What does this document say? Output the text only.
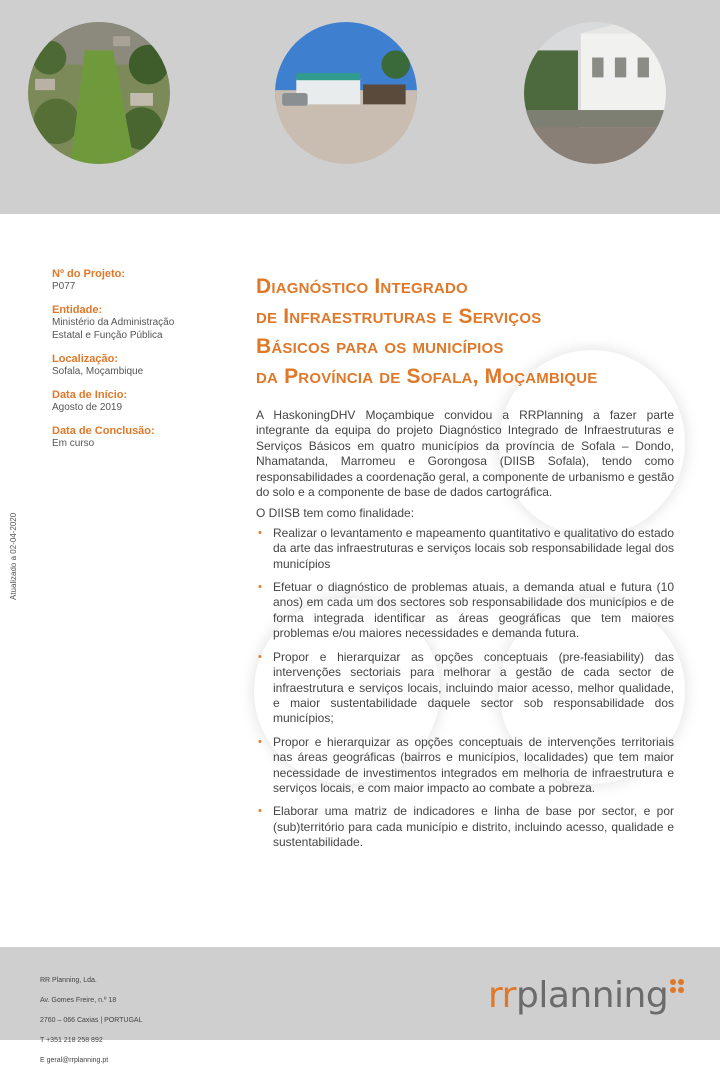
Nº do Projeto:
P077
Entidade:
Ministério da Administração
Estatal e Função Pública
Localização:
Sofala, Moçambique
Data de Início:
Agosto de 2019
Data de Conclusão:
Em curso
Atualizado a 02-04-2020
Diagnóstico Integrado
de Infraestruturas e Serviços
Básicos para os municípios
da Província de Sofala, Moçambique

A HaskoningDHV Moçambique convidou a RRPlanning a fazer parte integrante da equipa do projeto Diagnóstico Integrado de Infraestruturas e Serviços Básicos em quatro municípios da província de Sofala – Dondo, Nhamatanda, Marromeu e Gorongosa (DIISB Sofala), tendo como responsabilidades a coordenação geral, a componente de urbanismo e gestão do solo e a componente de base de dados cartográfica.

O DIISB tem como finalidade:

• Realizar o levantamento e mapeamento quantitativo e qualitativo do estado da arte das infraestruturas e serviços locais sob responsabilidade legal dos municípios
• Efetuar o diagnóstico de problemas atuais, a demanda atual e futura (10 anos) em cada um dos sectores sob responsabilidade dos municípios e de forma integrada identificar as áreas geográficas que tem maiores problemas e/ou maiores necessidades e demanda futura.
• Propor e hierarquizar as opções conceptuais (pre-feasiability) das intervenções sectoriais para melhorar a gestão de cada sector de infraestrutura e serviços locais, incluindo maior acesso, melhor qualidade, e maior sustentabilidade daquele sector sob responsabilidade dos municípios;
• Propor e hierarquizar as opções conceptuais de intervenções territoriais nas áreas geográficas (bairros e municípios, localidades) que tem maior necessidade de investimentos integrados em melhoria de infraestrutura e serviços locais, e com maior impacto ao combate a pobreza.
• Elaborar uma matriz de indicadores e linha de base por sector, e por (sub)território para cada município e distrito, incluindo acesso, qualidade e sustentabilidade.

RR Planning, Lda.

Av. Gomes Freire, n.º 18

2760 – 066 Caxias | PORTUGAL

T +351 218 258 892

E geral@rrplanning.pt

rrplanning
